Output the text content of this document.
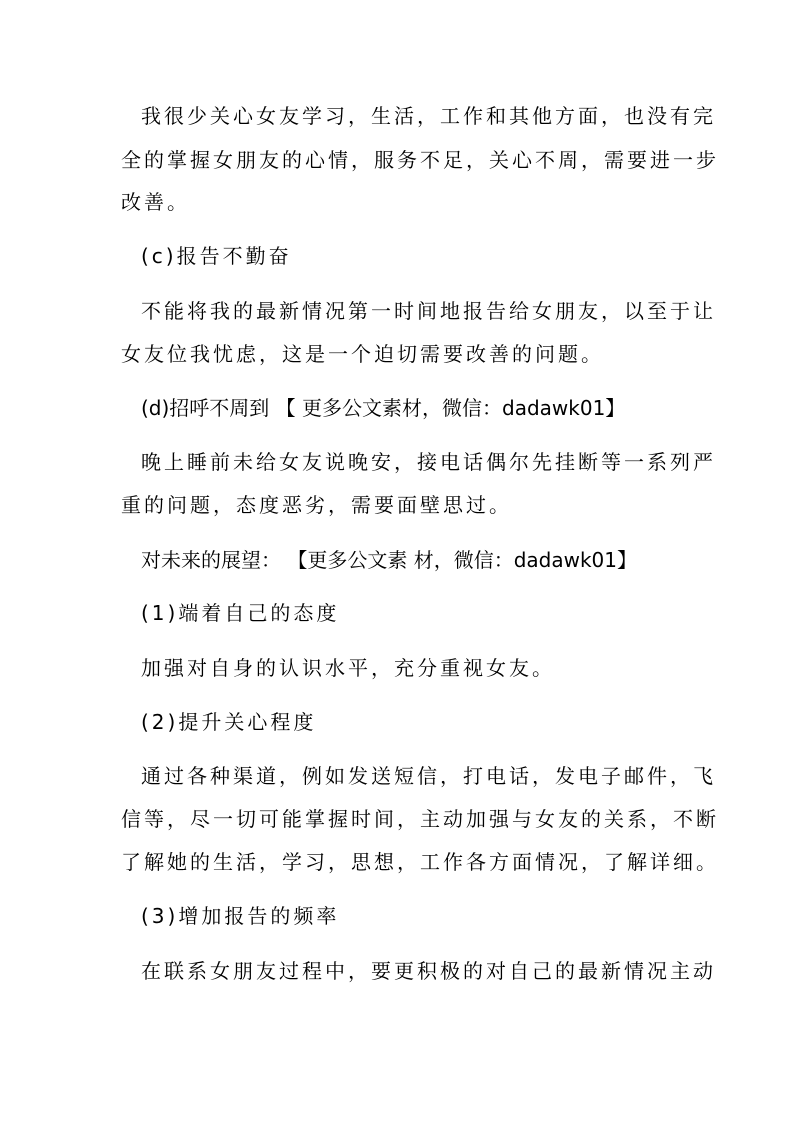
我很少关心女友学习，生活，工作和其他方面，也没有完
全的掌握女朋友的心情，服务不足，关心不周，需要进一步
改善。
(c)报告不勤奋
不能将我的最新情况第一时间地报告给女朋友，以至于让
女友位我忧虑，这是一个迫切需要改善的问题。
(d)招呼不周到 【 更多公文素材，微信：dadawk01】
晚上睡前未给女友说晚安，接电话偶尔先挂断等一系列严
重的问题，态度恶劣，需要面壁思过。
对未来的展望： 【更多公文素 材，微信：dadawk01】
(1)端着自己的态度
加强对自身的认识水平，充分重视女友。
(2)提升关心程度
通过各种渠道，例如发送短信，打电话，发电子邮件，飞
信等，尽一切可能掌握时间，主动加强与女友的关系，不断
了解她的生活，学习，思想，工作各方面情况，了解详细。
(3)增加报告的频率
在联系女朋友过程中，要更积极的对自己的最新情况主动
